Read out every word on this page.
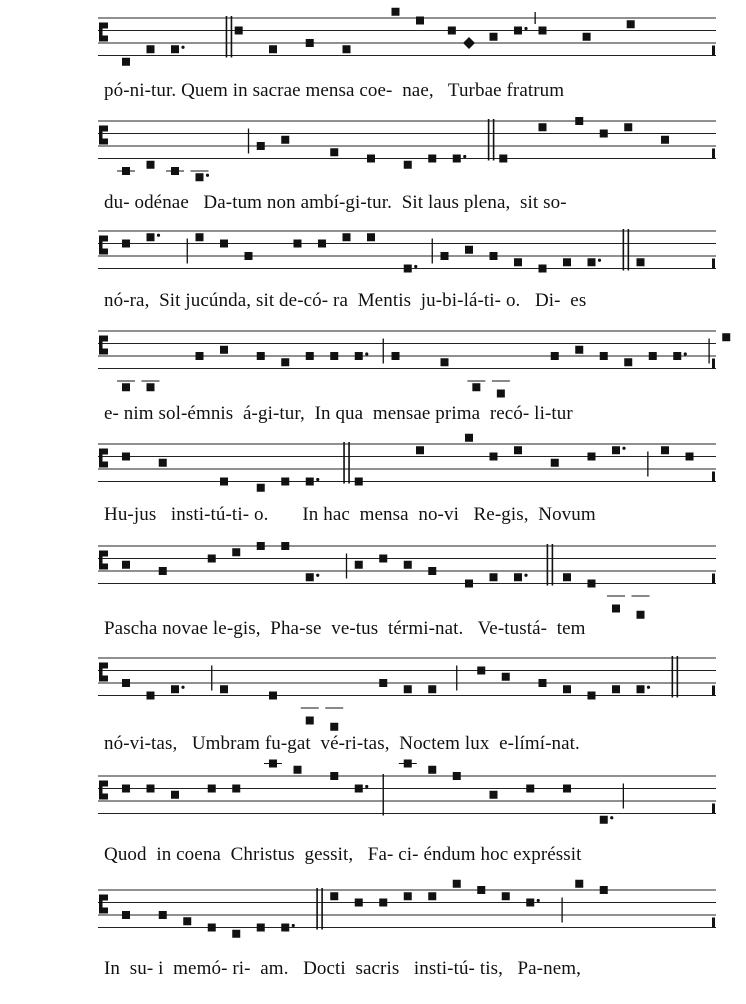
pó-ni-tur. Quem in sacrae mensa coe-  nae,   Turbae fratrum
du- odénae   Da-tum non ambí-gi-tur.  Sit laus plena,  sit so-
nó-ra,  Sit jucúnda, sit de-có- ra  Mentis  ju-bi-lá-ti- o.   Di-  es
e- nim sol-émnis  á-gi-tur,  In qua  mensae prima  recó- li-tur
Hu-jus   insti-tú-ti- o.       In hac  mensa  no-vi   Re-gis,  Novum
Pascha novae le-gis,  Pha-se  ve-tus  térmi-nat.   Ve-tustá-  tem
nó-vi-tas,   Umbram fu-gat  vé-ri-tas,  Noctem lux  e-límí-nat.
Quod  in coena  Christus  gessit,   Fa- ci- éndum hoc expréssit
In  su- i  memó- ri-  am.   Docti  sacris   insti-tú- tis,   Pa-nem,
